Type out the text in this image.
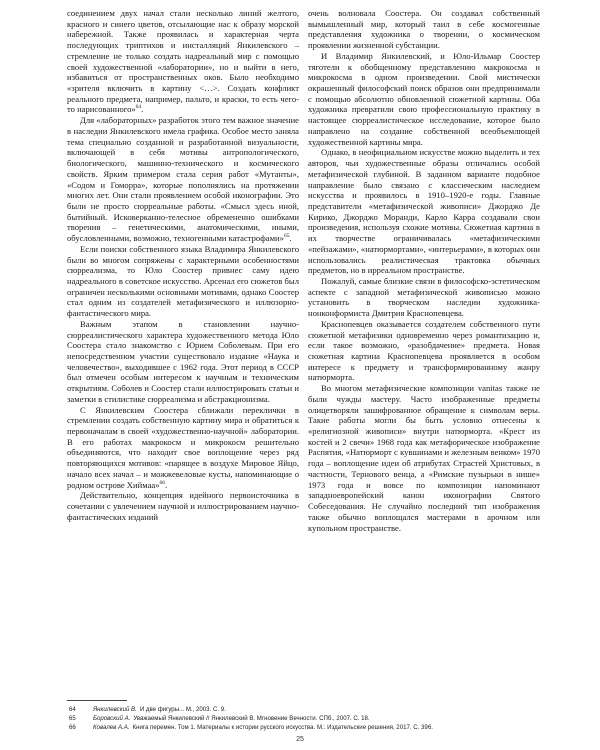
соединением двух начал стали несколько линий желтого, красного и синего цветов, отсылающие нас к образу морской набережной. Также проявилась и характерная черта последующих триптихов и инсталляций Янкилевского – стремление не только создать надреальный мир с помощью своей художественной «лаборатории», но и выйти в него, избавиться от пространственных оков. Было необходимо «зрителя включить в картину <…>. Создать конфликт реального предмета, например, пальто, и краски, то есть чего-то нарисованного»$^{64}$.

Для «лабораторных» разработок этого тем важное значение в наследии Янкилевского имела графика. Особое место заняла тема специально созданной и разработанной визуальности, включающей в себя мотивы антропологического, биологического, машинно-технического и космического свойств. Ярким примером стала серия работ «Мутанты», «Содом и Гоморра», которые пополнялись на протяжении многих лет. Они стали проявлением особой иконографии. Это были не просто сюрреальные работы. «Смысл здесь иной, бытийный. Исковерканно-телесное обремененно ошибками творения – генетическими, анатомическими, иными, обусловленными, возможно, техногенными катастрофами»$^{65}$.

Если поиски собственного языка Владимира Янкилевского были во многом сопряжены с характерными особенностями сюрреализма, то Юло Соостер привнес саму идею надреального в советское искусство. Арсенал его сюжетов был ограничен несколькими основными мотивами, однако Соостер стал одним из создателей метафизического и иллюзорно-фантастического мира.

Важным этапом в становлении научно-сюрреалистического характера художественного метода Юло Соостера стало знакомство с Юрием Соболевым. При его непосредственном участии существовало издание «Наука и человечество», выходившее с 1962 года. Этот период в СССР был отмечен особым интересом к научным и техническим открытиям. Соболев и Соостер стали иллюстрировать статьи и заметки в стилистике сюрреализма и абстракционизма.

С Янкилевским Соостера сближали переклички в стремлении создать собственную картину мира и обратиться к первоначалам в своей «художественно-научной» лаборатории. В его работах макрокосм и микрокосм решительно объединяются, что находит свое воплощение через ряд повторяющихся мотивов: «парящее в воздухе Мировое Яйцо, начало всех начал – и можжевеловые кусты, напоминающие о родном острове Хиймаа»$^{66}$.

Действительно, концепция идейного первоисточника в сочетании с увлечением научной и иллюстрированием научно-фантастических изданий

очень волновала Соостера. Он создавал собственный вымышленный мир, который таил в себе космогенные представления художника о творении, о космическом проявлении жизненной субстанции.

И Владимир Янкилевский, и Юло-Ильмар Соостер тяготели к обобщенному представлению макрокосма и микрокосма в одном произведении. Свой мистически окрашенный философский поиск образов они предпринимали с помощью абсолютно обновленной сюжетной картины. Оба художника превратили свою профессиональную практику в настоящее сюрреалистическое исследование, которое было направлено на создание собственной всеобъемлющей художественной картины мира.

Однако, в неофициальном искусстве можно выделить и тех авторов, чьи художественные образы отличались особой метафизической глубиной. В заданном варианте подобное направление было связано с классическим наследием искусства и проявилось в 1910–1920-е годы. Главные представители «метафизической живописи» Джорджо Де Кирико, Джорджо Моранди, Карло Карра создавали свои произведения, используя схожие мотивы. Сюжетная картина в их творчестве ограничивалась «метафизическими «пейзажами», «натюрмортами», «интерьерами», в которых они использовались реалистическая трактовка обычных предметов, но в ирреальном пространстве.

Пожалуй, самые близкие связи в философско-эстетическом аспекте с западной метафизической живописью можно установить в творческом наследии художника-нонконформиста Дмитрия Краснопевцева.

Краснопевцев оказывается создателем собственного пути сюжетной метафизики одновременно через романтизацию и, если такое возможно, «разобдачение» предмета. Новая сюжетная картина Краснопевцева проявляется в особом интересе к предмету и трансформированному жанру натюрморта.

Во многом метафизические композиции vanitas также не были чужды мастеру. Часто изображенные предметы олицетворяли зашифрованное обращение к символам веры. Такие работы могли бы быть условно отнесены к «религиозной живописи» внутри натюрморта. «Крест из костей и 2 свечи» 1968 года как метафорическое изображение Распятия, «Натюрморт с кувшинами и железным венком» 1970 года – воплощение идеи об атрибутах Страстей Христовых, в частности, Тернового венца, а «Римские пузырьки в нише» 1973 года и вовсе по композиции напоминают западноевропейский канон иконографии Святого Собеседования. Не случайно последний тип изображения также обычно воплощался мастерами в арочном или купольном пространстве.

64	Янкилевский В. И две фигуры... М., 2003. С. 9.
65	Боровский А. Уважаемый Янкилевский // Янкилевский В. Мгновение Вечности. СПб., 2007. С. 18.
66	Ковалев А.А. Книга перемен. Том 1. Материалы к истории русского искусства. М.: Издательские решения, 2017. С. 396.
25
